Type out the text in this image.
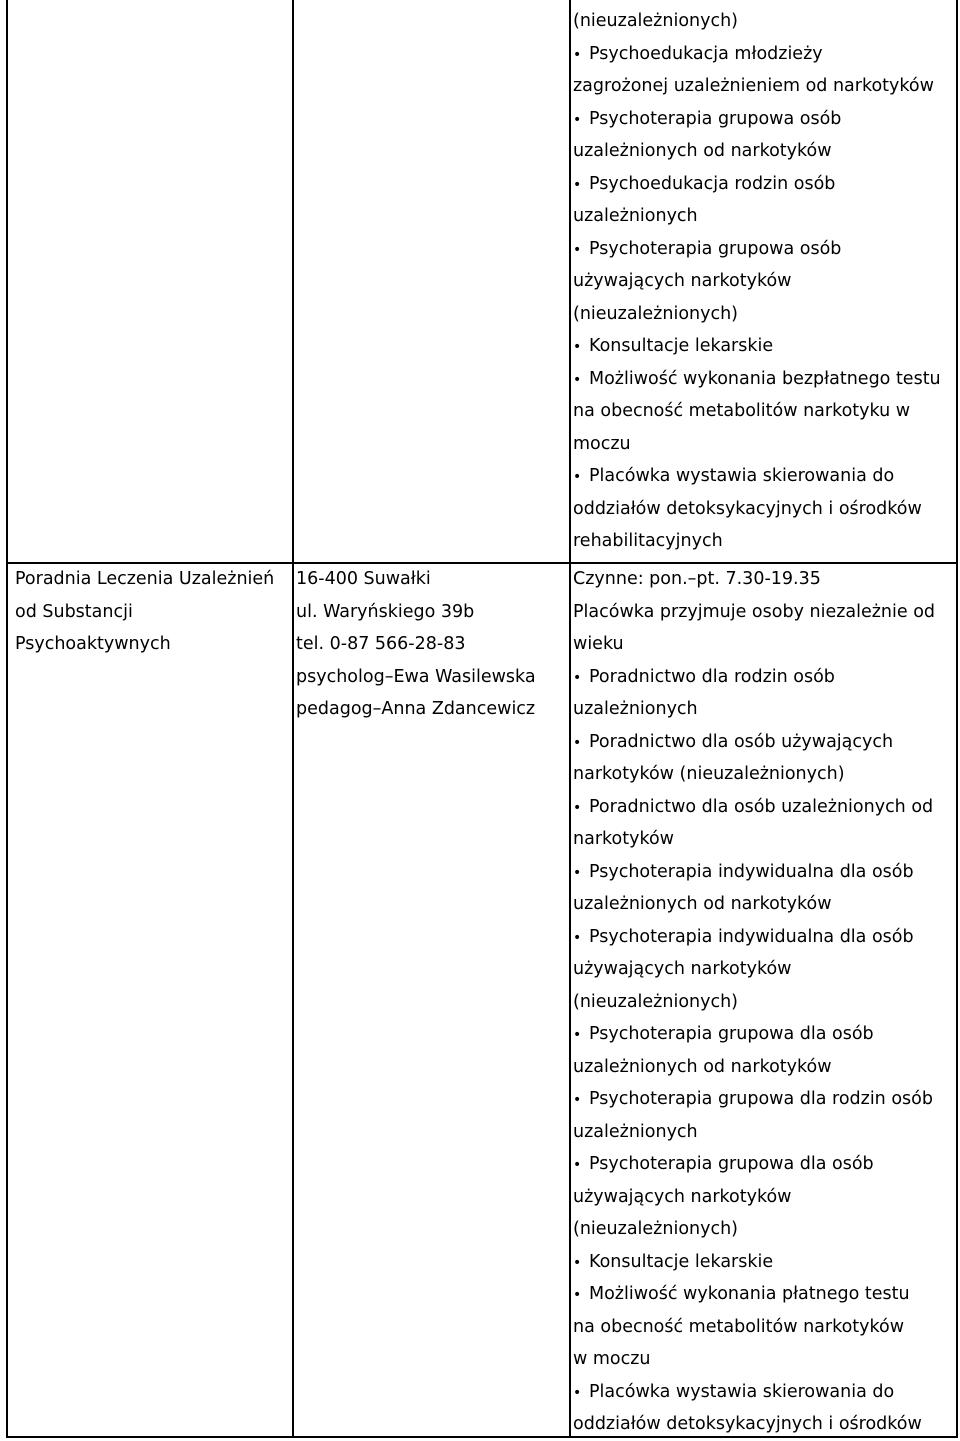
(nieuzależnionych)
• Psychoedukacja młodzieży
zagrożonej uzależnieniem od narkotyków
• Psychoterapia grupowa osób
uzależnionych od narkotyków
• Psychoedukacja rodzin osób
uzależnionych
• Psychoterapia grupowa osób
używających narkotyków
(nieuzależnionych)
• Konsultacje lekarskie
• Możliwość wykonania bezpłatnego testu
na obecność metabolitów narkotyku w
moczu
• Placówka wystawia skierowania do
oddziałów detoksykacyjnych i ośrodków
rehabilitacyjnych
Poradnia Leczenia Uzależnień
od Substancji
Psychoaktywnych
16-400 Suwałki
ul. Waryńskiego 39b
tel. 0-87 566-28-83
psycholog – Ewa Wasilewska
pedagog – Anna Zdancewicz
Czynne: pon.–pt. 7.30-19.35
Placówka przyjmuje osoby niezależnie od
wieku
• Poradnictwo dla rodzin osób
uzależnionych
• Poradnictwo dla osób używających
narkotyków (nieuzależnionych)
• Poradnictwo dla osób uzależnionych od
narkotyków
• Psychoterapia indywidualna dla osób
uzależnionych od narkotyków
• Psychoterapia indywidualna dla osób
używających narkotyków
(nieuzależnionych)
• Psychoterapia grupowa dla osób
uzależnionych od narkotyków
• Psychoterapia grupowa dla rodzin osób
uzależnionych
• Psychoterapia grupowa dla osób
używających narkotyków
(nieuzależnionych)
• Konsultacje lekarskie
• Możliwość wykonania płatnego testu
na obecność metabolitów narkotyków
w moczu
• Placówka wystawia skierowania do
oddziałów detoksykacyjnych i ośrodków
